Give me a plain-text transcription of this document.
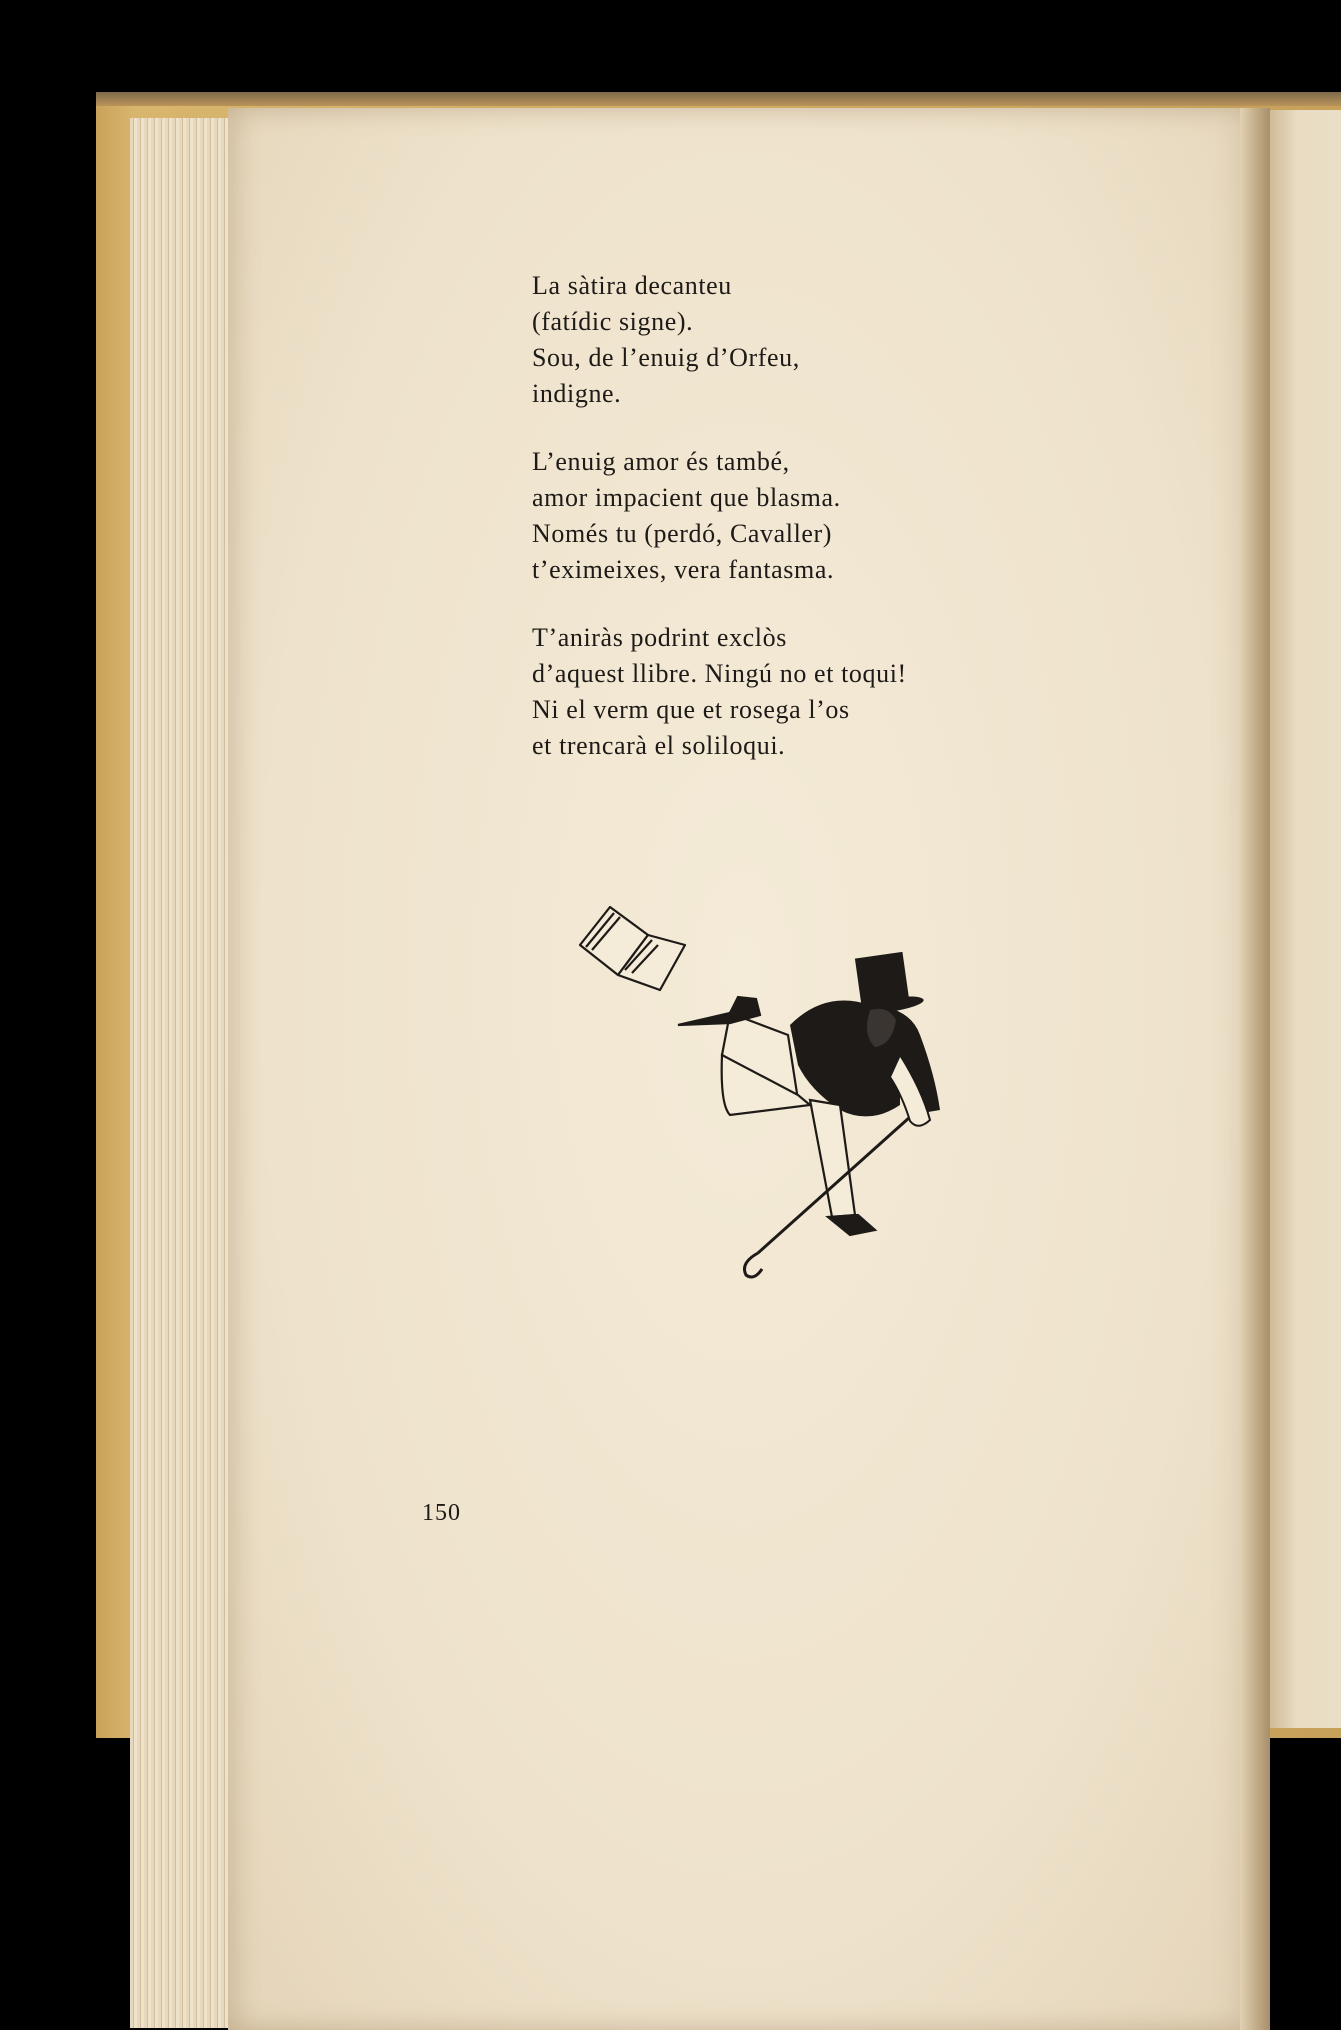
La sàtira decanteu
(fatídic signe).
Sou, de l’enuig d’Orfeu,
indigne.
L’enuig amor és també,
amor impacient que blasma.
Només tu (perdó, Cavaller)
t’eximeixes, vera fantasma.
T’aniràs podrint exclòs
d’aquest llibre. Ningú no et toqui!
Ni el verm que et rosega l’os
et trencarà el soliloqui.
150
